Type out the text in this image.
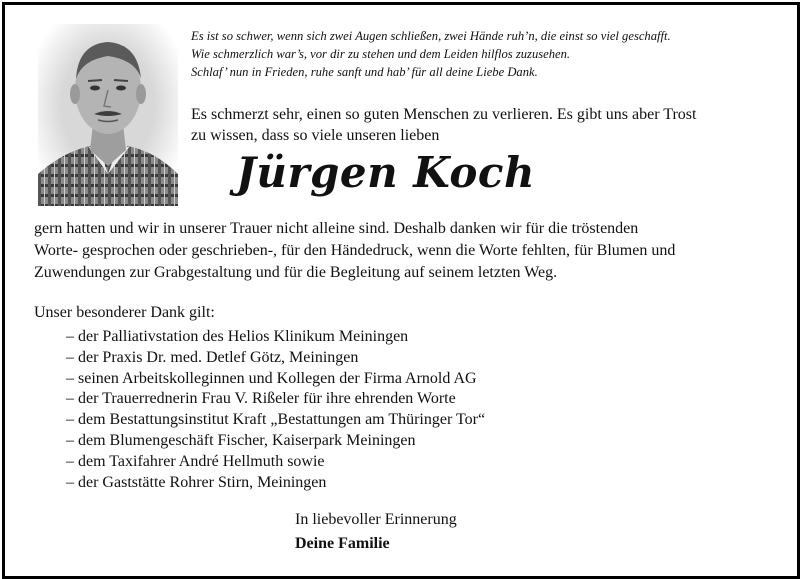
Es ist so schwer, wenn sich zwei Augen schließen, zwei Hände ruh’n, die einst so viel geschafft.
Wie schmerzlich war’s, vor dir zu stehen und dem Leiden hilflos zuzusehen.
Schlaf’ nun in Frieden, ruhe sanft und hab’ für all deine Liebe Dank.
Es schmerzt sehr, einen so guten Menschen zu verlieren. Es gibt uns aber Trost
zu wissen, dass so viele unseren lieben
Jürgen Koch
gern hatten und wir in unserer Trauer nicht alleine sind. Deshalb danken wir für die tröstenden
Worte- gesprochen oder geschrieben-, für den Händedruck, wenn die Worte fehlten, für Blumen und
Zuwendungen zur Grabgestaltung und für die Begleitung auf seinem letzten Weg.
Unser besonderer Dank gilt:
– der Palliativstation des Helios Klinikum Meiningen
– der Praxis Dr. med. Detlef Götz, Meiningen
– seinen Arbeitskolleginnen und Kollegen der Firma Arnold AG
– der Trauerrednerin Frau V. Rißeler für ihre ehrenden Worte
– dem Bestattungsinstitut Kraft „Bestattungen am Thüringer Tor“
– dem Blumengeschäft Fischer, Kaiserpark Meiningen
– dem Taxifahrer André Hellmuth sowie
– der Gaststätte Rohrer Stirn, Meiningen
In liebevoller Erinnerung
Deine Familie
